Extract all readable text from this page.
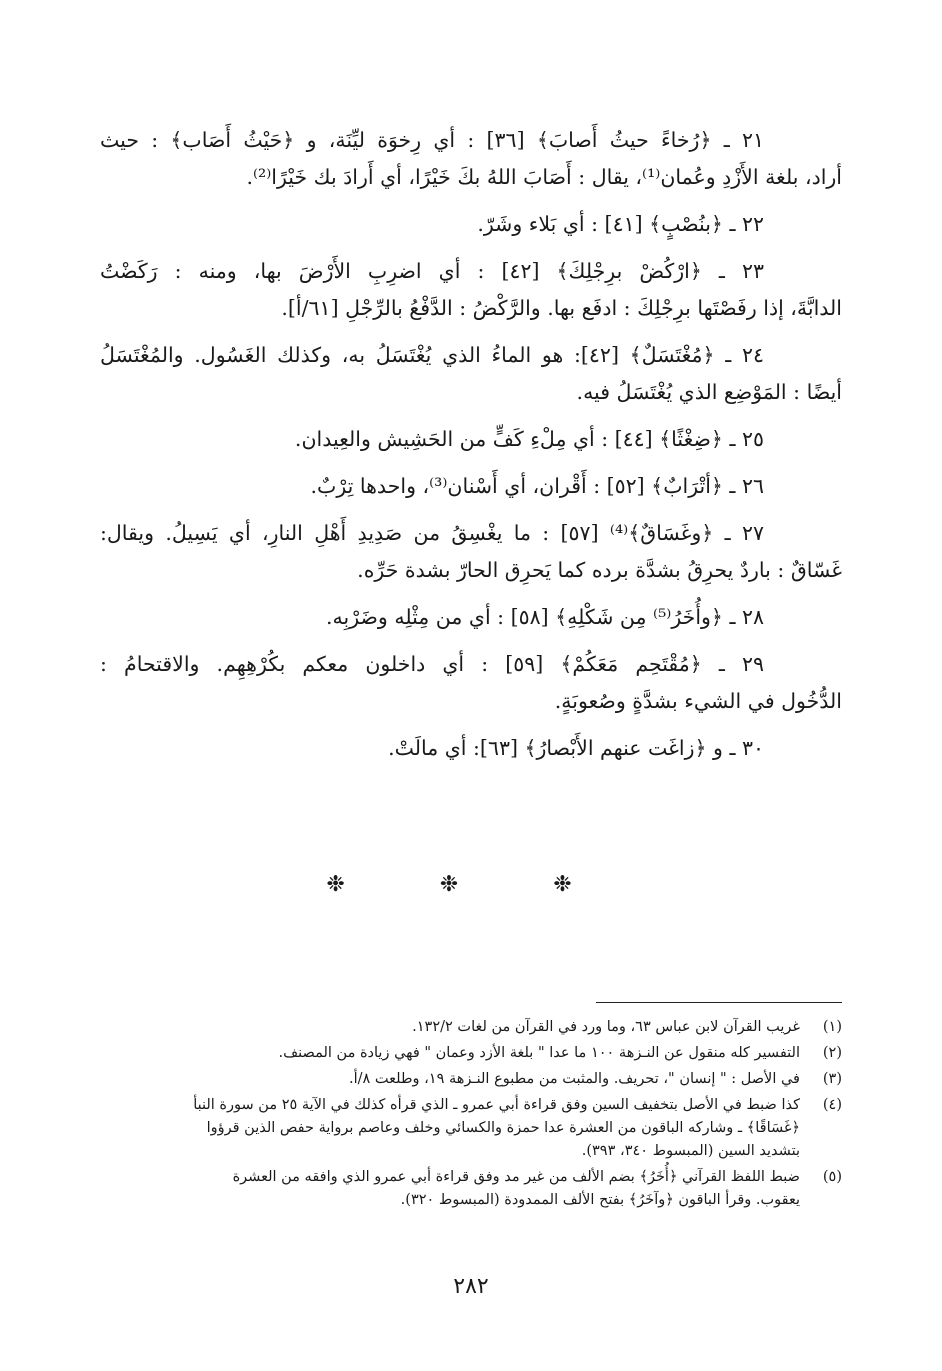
٢١ ـ ﴿رُخاءً حيثُ أَصابَ﴾ [٣٦] : أي رِخوَة ليِّنَة، و ﴿حَيْثُ أَصَاب﴾ : حيث
أراد، بلغة الأَزْدِ وعُمان⁽¹⁾، يقال : أَصَابَ اللهُ بكَ خَيْرًا، أي أَرادَ بك خَيْرًا⁽²⁾.
٢٢ ـ ﴿بنُصْبٍ﴾ [٤١] : أي بَلاء وشَرّ.
٢٣ ـ ﴿ارْكُضْ برِجْلِكَ﴾ [٤٢] : أي اضرِبِ الأَرْضَ بها، ومنه : رَكَضْتُ
الدابَّةَ، إذا رفَصْتَها برِجْلِكَ : ادفَع بها. والرَّكْضُ : الدَّفْعُ بالرِّجْلِ [٦١/أ].
٢٤ ـ ﴿مُغْتَسَلٌ﴾ [٤٢]: هو الماءُ الذي يُغْتَسَلُ به، وكذلك الغَسُول. والمُغْتَسَلُ
أيضًا : المَوْضِع الذي يُغْتَسَلُ فيه.
٢٥ ـ ﴿ضِغْثًا﴾ [٤٤] : أي مِلْءِ كَفٍّ من الحَشِيش والعِيدان.
٢٦ ـ ﴿أتْرَابٌ﴾ [٥٢] : أَقْران، أي أَسْنان⁽³⁾، واحدها تِرْبٌ.
٢٧ ـ ﴿وغَسَاقٌ﴾⁽⁴⁾ [٥٧] : ما يغْسِقُ من صَدِيدِ أَهْلِ النارِ، أي يَسِيلُ. ويقال:
غَسّاقٌ : باردٌ يحرِقُ بشدَّة برده كما يَحرِق الحارّ بشدة حَرِّه.
٢٨ ـ ﴿وأُخَرُ⁽⁵⁾ مِن شَكْلِهِ﴾ [٥٨] : أي من مِثْلِه وضَرْبِه.
٢٩ ـ ﴿مُقْتَحِم مَعَكُمْ﴾ [٥٩] : أي داخلون معكم بكُرْهِهِم. والاقتحامُ :
الدُّخُول في الشيء بشدَّةٍ وصُعوبَةٍ.
٣٠ ـ و ﴿زاغَت عنهم الأَبْصارُ﴾ [٦٣]: أي مالَتْ.
❉ ❉ ❉
(١)
غريب القرآن لابن عباس ٦٣، وما ورد في القرآن من لغات ١٣٢/٢.
(٢)
التفسير كله منقول عن النـزهة ١٠٠ ما عدا " بلغة الأزد وعمان " فهي زيادة من المصنف.
(٣)
في الأصل : " إنسان "، تحريف. والمثبت من مطبوع النـزهة ١٩، وطلعت ٨/أ.
(٤)
كذا ضبط في الأصل بتخفيف السين وفق قراءة أبي عمرو ـ الذي قرأه كذلك في الآية ٢٥ من سورة النبأ
﴿غَسَاقًا﴾ ـ وشاركه الباقون من العشرة عدا حمزة والكسائي وخلف وعاصم برواية حفص الذين قرؤوا
بتشديد السين (المبسوط ٣٤٠، ٣٩٣).
(٥)
ضبط اللفظ القرآني ﴿أُخَرُ﴾ بضم الألف من غير مد وفق قراءة أبي عمرو الذي وافقه من العشرة
يعقوب. وقرأ الباقون ﴿وآخَرُ﴾ بفتح الألف الممدودة (المبسوط ٣٢٠).
٢٨٢
